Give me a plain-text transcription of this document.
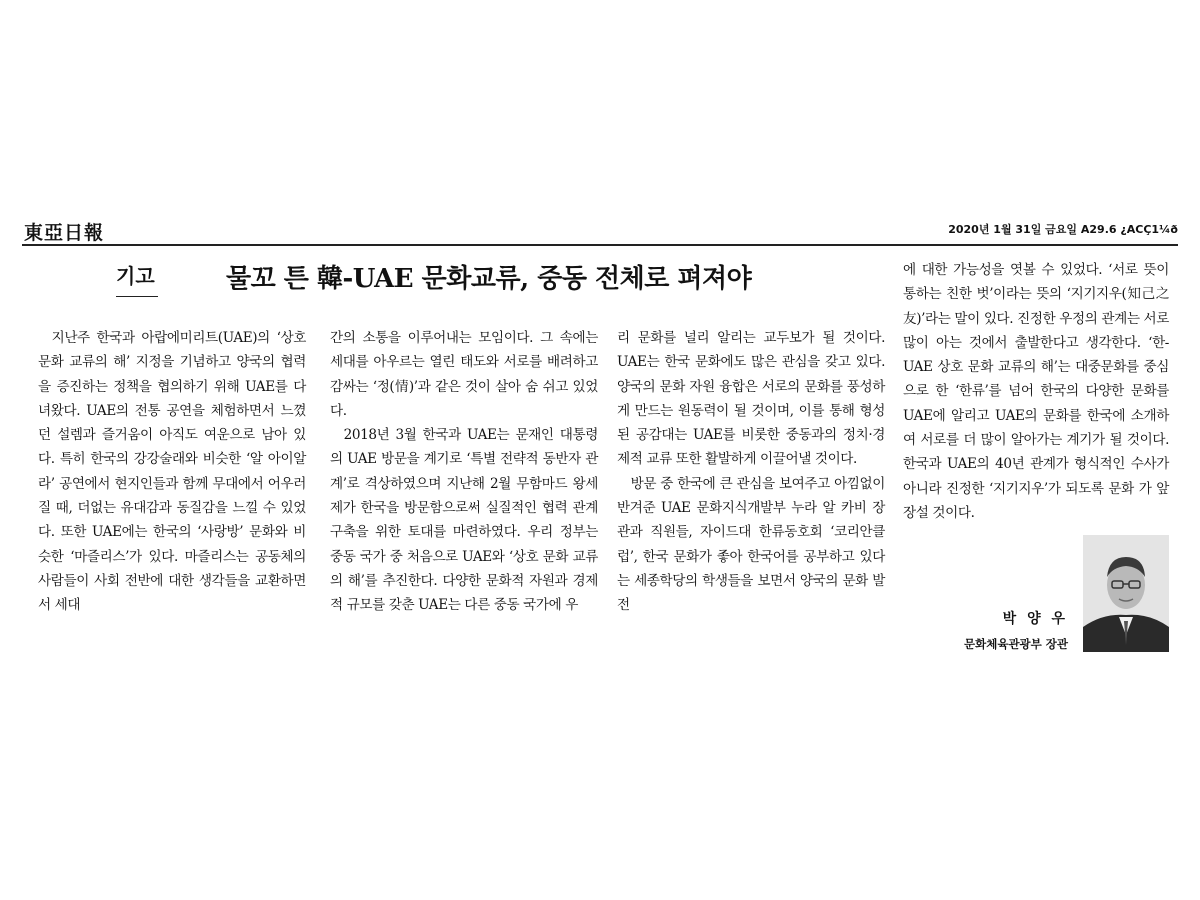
東亞日報	2020년 1월 31일 금요일 A29.6 ¿ACÇ1¼ð
기고	물꼬 튼 韓-UAE 문화교류, 중동 전체로 펴져야

지난주 한국과 아랍에미리트(UAE)의 ‘상호 문화 교류의 해’ 지정을 기념하고 양국의 협력을 증진하는 정책을 협의하기 위해 UAE를 다녀왔다. UAE의 전통 공연을 체험하면서 느꼈던 설렘과 즐거움이 아직도 여운으로 남아 있다. 특히 한국의 강강술래와 비슷한 ‘알 아이알라’ 공연에서 현지인들과 함께 무대에서 어우러질 때, 더없는 유대감과 동질감을 느낄 수 있었다. 또한 UAE에는 한국의 ‘사랑방’ 문화와 비슷한 ‘마즐리스’가 있다. 마즐리스는 공동체의 사람들이 사회 전반에 대한 생각들을 교환하면서 세대

간의 소통을 이루어내는 모임이다. 그 속에는 세대를 아우르는 열린 태도와 서로를 배려하고 감싸는 ‘정(情)’과 같은 것이 살아 숨 쉬고 있었다.

2018년 3월 한국과 UAE는 문재인 대통령의 UAE 방문을 계기로 ‘특별 전략적 동반자 관계’로 격상하였으며 지난해 2월 무함마드 왕세제가 한국을 방문함으로써 실질적인 협력 관계 구축을 위한 토대를 마련하였다. 우리 정부는 중동 국가 중 처음으로 UAE와 ‘상호 문화 교류의 해’를 추진한다. 다양한 문화적 자원과 경제적 규모를 갖춘 UAE는 다른 중동 국가에 우

리 문화를 널리 알리는 교두보가 될 것이다. UAE는 한국 문화에도 많은 관심을 갖고 있다. 양국의 문화 자원 융합은 서로의 문화를 풍성하게 만드는 원동력이 될 것이며, 이를 통해 형성된 공감대는 UAE를 비롯한 중동과의 정치·경제적 교류 또한 활발하게 이끌어낼 것이다.

방문 중 한국에 큰 관심을 보여주고 아낌없이 반겨준 UAE 문화지식개발부 누라 알 카비 장관과 직원들, 자이드대 한류동호회 ‘코리안클럽’, 한국 문화가 좋아 한국어를 공부하고 있다는 세종학당의 학생들을 보면서 양국의 문화 발전

에 대한 가능성을 엿볼 수 있었다. ‘서로 뜻이 통하는 친한 벗’이라는 뜻의 ‘지기지우(知己之友)’라는 말이 있다. 진정한 우정의 관계는 서로 많이 아는 것에서 출발한다고 생각한다. ‘한-UAE 상호 문화 교류의 해’는 대중문화를 중심으로 한 ‘한류’를 넘어 한국의 다양한 문화를 UAE에 알리고 UAE의 문화를 한국에 소개하여 서로를 더 많이 알아가는 계기가 될 것이다. 한국과 UAE의 40년 관계가 형식적인 수사가 아니라 진정한 ‘지기지우’가 되도록 문화 가 앞장설 것이다.

박 양 우
문화체육관광부 장관
